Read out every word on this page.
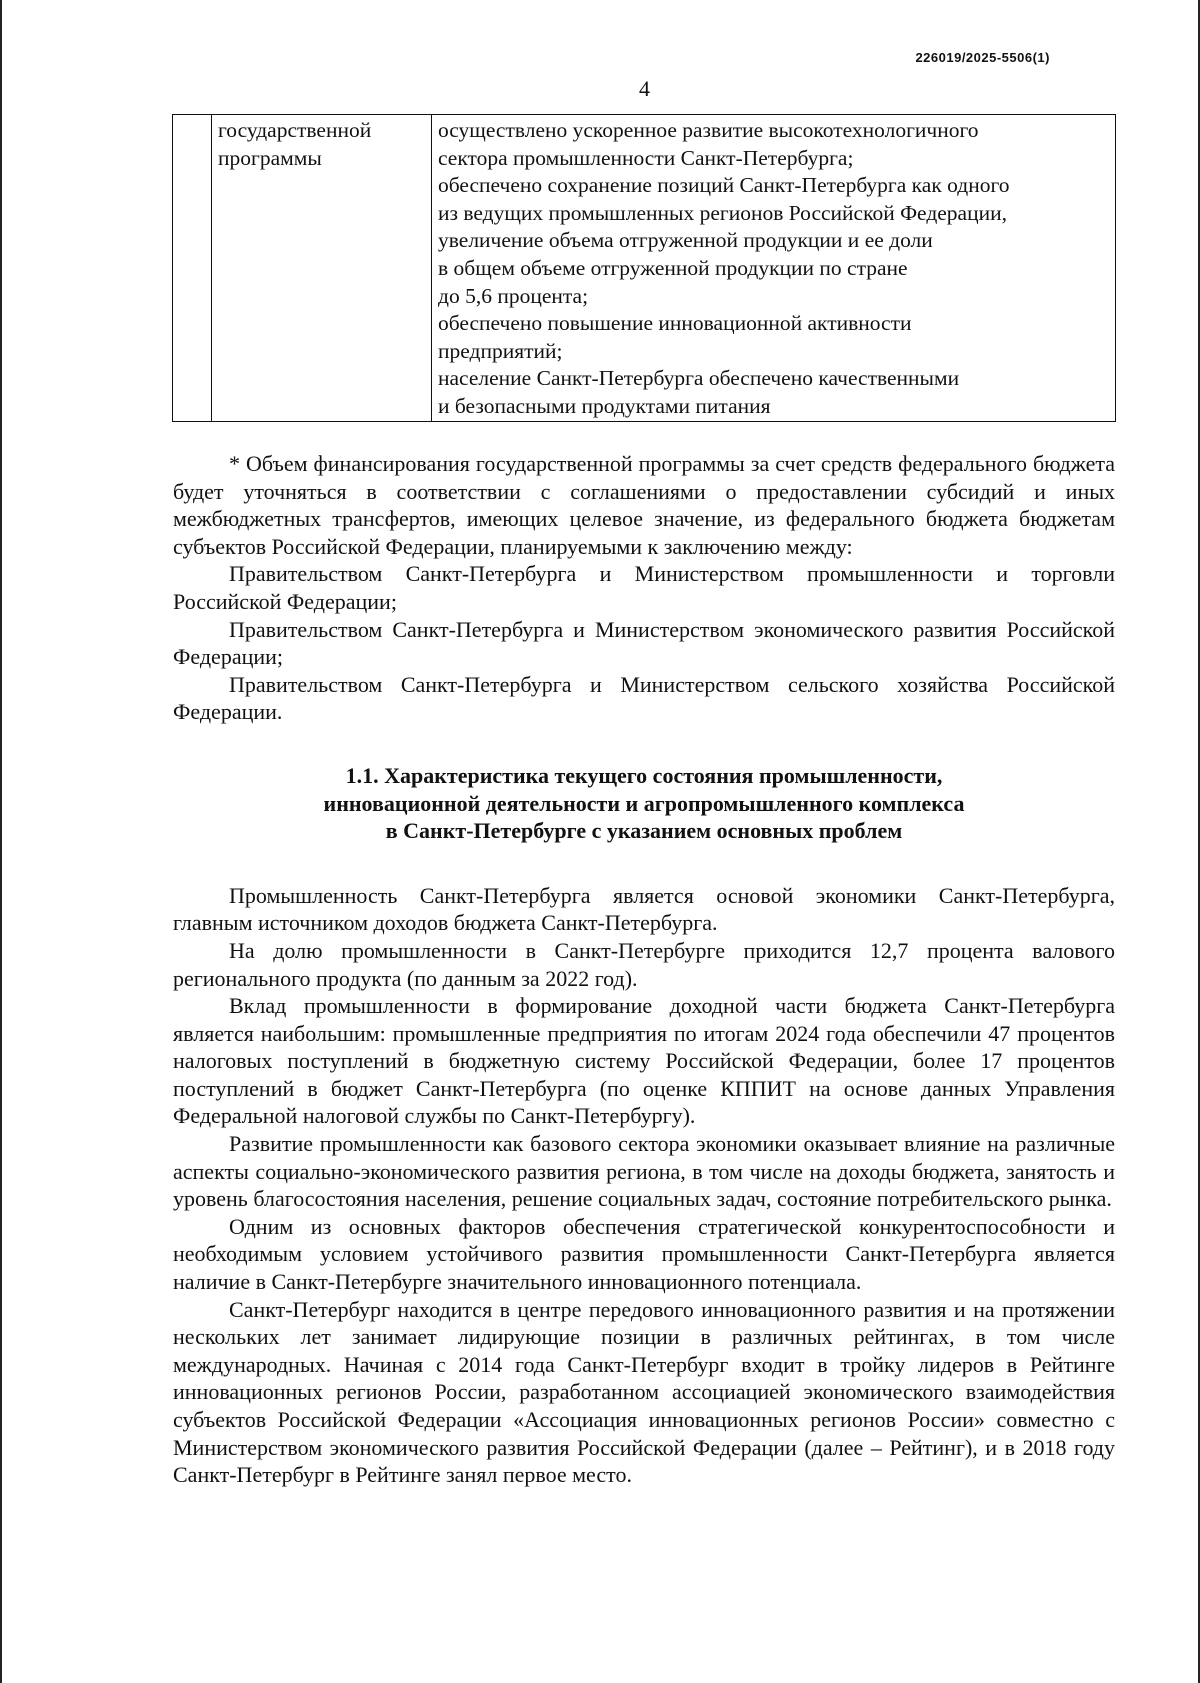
226019/2025-5506(1)
4

государственной
программы

осуществлено ускоренное развитие высокотехнологичного
сектора промышленности Санкт-Петербурга;
обеспечено сохранение позиций Санкт-Петербурга как одного
из ведущих промышленных регионов Российской Федерации,
увеличение объема отгруженной продукции и ее доли
в общем объеме отгруженной продукции по стране
до 5,6 процента;
обеспечено повышение инновационной активности
предприятий;
население Санкт-Петербурга обеспечено качественными
и безопасными продуктами питания

* Объем финансирования государственной программы за счет средств федерального бюджета будет уточняться в соответствии с соглашениями о предоставлении субсидий и иных межбюджетных трансфертов, имеющих целевое значение, из федерального бюджета бюджетам субъектов Российской Федерации, планируемыми к заключению между:

Правительством Санкт-Петербурга и Министерством промышленности и торговли Российской Федерации;

Правительством Санкт-Петербурга и Министерством экономического развития Российской Федерации;

Правительством Санкт-Петербурга и Министерством сельского хозяйства Российской Федерации.

1.1. Характеристика текущего состояния промышленности,
инновационной деятельности и агропромышленного комплекса
в Санкт-Петербурге с указанием основных проблем

Промышленность Санкт-Петербурга является основой экономики Санкт-Петербурга, главным источником доходов бюджета Санкт-Петербурга.

На долю промышленности в Санкт-Петербурге приходится 12,7 процента валового регионального продукта (по данным за 2022 год).

Вклад промышленности в формирование доходной части бюджета Санкт-Петербурга является наибольшим: промышленные предприятия по итогам 2024 года обеспечили 47 процентов налоговых поступлений в бюджетную систему Российской Федерации, более 17 процентов поступлений в бюджет Санкт-Петербурга (по оценке КППИТ на основе данных Управления Федеральной налоговой службы по Санкт-Петербургу).

Развитие промышленности как базового сектора экономики оказывает влияние на различные аспекты социально-экономического развития региона, в том числе на доходы бюджета, занятость и уровень благосостояния населения, решение социальных задач, состояние потребительского рынка.

Одним из основных факторов обеспечения стратегической конкурентоспособности и необходимым условием устойчивого развития промышленности Санкт-Петербурга является наличие в Санкт-Петербурге значительного инновационного потенциала.

Санкт-Петербург находится в центре передового инновационного развития и на протяжении нескольких лет занимает лидирующие позиции в различных рейтингах, в том числе международных. Начиная с 2014 года Санкт-Петербург входит в тройку лидеров в Рейтинге инновационных регионов России, разработанном ассоциацией экономического взаимодействия субъектов Российской Федерации «Ассоциация инновационных регионов России» совместно с Министерством экономического развития Российской Федерации (далее – Рейтинг), и в 2018 году Санкт-Петербург в Рейтинге занял первое место.
